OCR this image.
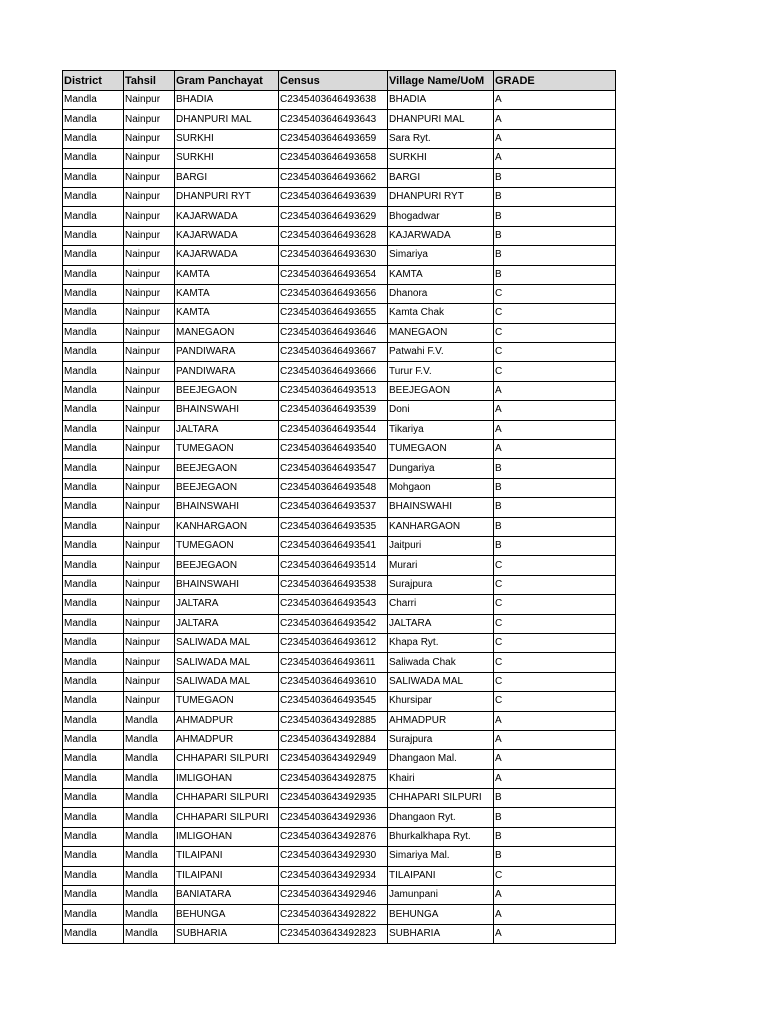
District	Tahsil	Gram Panchayat	Census	Village Name/UoM	GRADE
Mandla	Nainpur	BHADIA	C2345403646493638	BHADIA	A
Mandla	Nainpur	DHANPURI MAL	C2345403646493643	DHANPURI MAL	A
Mandla	Nainpur	SURKHI	C2345403646493659	Sara Ryt.	A
Mandla	Nainpur	SURKHI	C2345403646493658	SURKHI	A
Mandla	Nainpur	BARGI	C2345403646493662	BARGI	B
Mandla	Nainpur	DHANPURI RYT	C2345403646493639	DHANPURI RYT	B
Mandla	Nainpur	KAJARWADA	C2345403646493629	Bhogadwar	B
Mandla	Nainpur	KAJARWADA	C2345403646493628	KAJARWADA	B
Mandla	Nainpur	KAJARWADA	C2345403646493630	Simariya	B
Mandla	Nainpur	KAMTA	C2345403646493654	KAMTA	B
Mandla	Nainpur	KAMTA	C2345403646493656	Dhanora	C
Mandla	Nainpur	KAMTA	C2345403646493655	Kamta Chak	C
Mandla	Nainpur	MANEGAON	C2345403646493646	MANEGAON	C
Mandla	Nainpur	PANDIWARA	C2345403646493667	Patwahi F.V.	C
Mandla	Nainpur	PANDIWARA	C2345403646493666	Turur F.V.	C
Mandla	Nainpur	BEEJEGAON	C2345403646493513	BEEJEGAON	A
Mandla	Nainpur	BHAINSWAHI	C2345403646493539	Doni	A
Mandla	Nainpur	JALTARA	C2345403646493544	Tikariya	A
Mandla	Nainpur	TUMEGAON	C2345403646493540	TUMEGAON	A
Mandla	Nainpur	BEEJEGAON	C2345403646493547	Dungariya	B
Mandla	Nainpur	BEEJEGAON	C2345403646493548	Mohgaon	B
Mandla	Nainpur	BHAINSWAHI	C2345403646493537	BHAINSWAHI	B
Mandla	Nainpur	KANHARGAON	C2345403646493535	KANHARGAON	B
Mandla	Nainpur	TUMEGAON	C2345403646493541	Jaitpuri	B
Mandla	Nainpur	BEEJEGAON	C2345403646493514	Murari	C
Mandla	Nainpur	BHAINSWAHI	C2345403646493538	Surajpura	C
Mandla	Nainpur	JALTARA	C2345403646493543	Charri	C
Mandla	Nainpur	JALTARA	C2345403646493542	JALTARA	C
Mandla	Nainpur	SALIWADA MAL	C2345403646493612	Khapa Ryt.	C
Mandla	Nainpur	SALIWADA MAL	C2345403646493611	Saliwada Chak	C
Mandla	Nainpur	SALIWADA MAL	C2345403646493610	SALIWADA MAL	C
Mandla	Nainpur	TUMEGAON	C2345403646493545	Khursipar	C
Mandla	Mandla	AHMADPUR	C2345403643492885	AHMADPUR	A
Mandla	Mandla	AHMADPUR	C2345403643492884	Surajpura	A
Mandla	Mandla	CHHAPARI SILPURI	C2345403643492949	Dhangaon Mal.	A
Mandla	Mandla	IMLIGOHAN	C2345403643492875	Khairi	A
Mandla	Mandla	CHHAPARI SILPURI	C2345403643492935	CHHAPARI SILPURI	B
Mandla	Mandla	CHHAPARI SILPURI	C2345403643492936	Dhangaon Ryt.	B
Mandla	Mandla	IMLIGOHAN	C2345403643492876	Bhurkalkhapa Ryt.	B
Mandla	Mandla	TILAIPANI	C2345403643492930	Simariya Mal.	B
Mandla	Mandla	TILAIPANI	C2345403643492934	TILAIPANI	C
Mandla	Mandla	BANIATARA	C2345403643492946	Jamunpani	A
Mandla	Mandla	BEHUNGA	C2345403643492822	BEHUNGA	A
Mandla	Mandla	SUBHARIA	C2345403643492823	SUBHARIA	A
